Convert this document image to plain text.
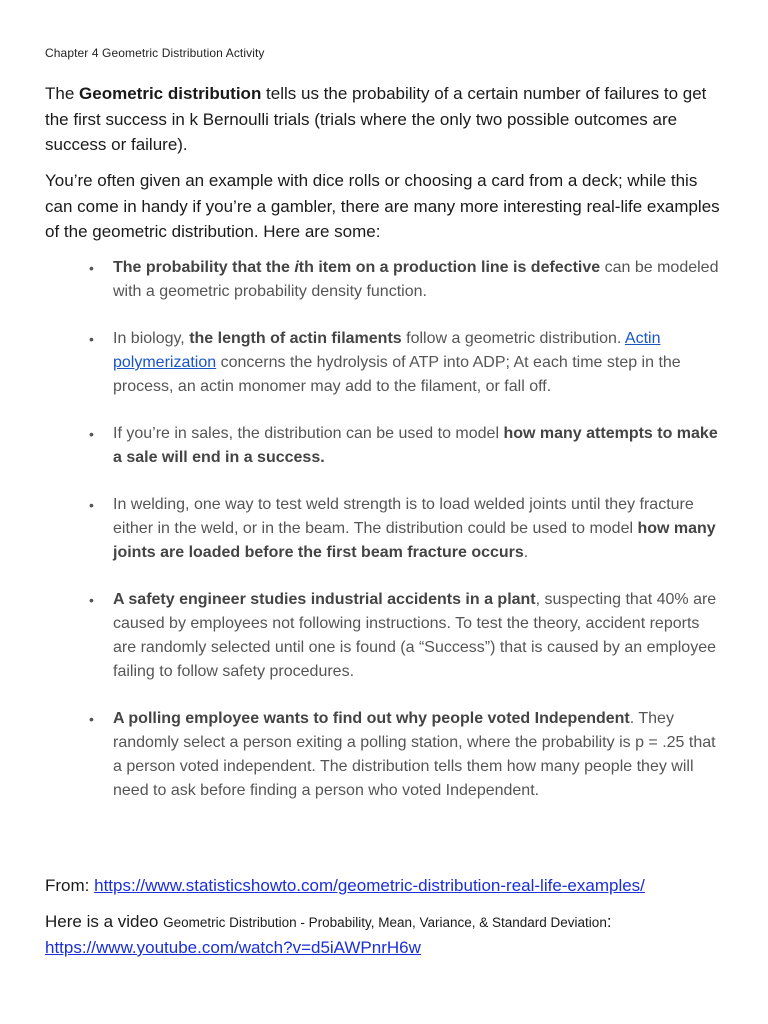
Chapter 4 Geometric Distribution Activity

The Geometric distribution tells us the probability of a certain number of failures to get the first success in k Bernoulli trials (trials where the only two possible outcomes are success or failure).

You’re often given an example with dice rolls or choosing a card from a deck; while this can come in handy if you’re a gambler, there are many more interesting real-life examples of the geometric distribution. Here are some:

• The probability that the ith item on a production line is defective can be modeled with a geometric probability density function.
• In biology, the length of actin filaments follow a geometric distribution. Actin polymerization concerns the hydrolysis of ATP into ADP; At each time step in the process, an actin monomer may add to the filament, or fall off.
• If you’re in sales, the distribution can be used to model how many attempts to make a sale will end in a success.
• In welding, one way to test weld strength is to load welded joints until they fracture either in the weld, or in the beam. The distribution could be used to model how many joints are loaded before the first beam fracture occurs.
• A safety engineer studies industrial accidents in a plant, suspecting that 40% are caused by employees not following instructions. To test the theory, accident reports are randomly selected until one is found (a “Success”) that is caused by an employee failing to follow safety procedures.
• A polling employee wants to find out why people voted Independent. They randomly select a person exiting a polling station, where the probability is p = .25 that a person voted independent. The distribution tells them how many people they will need to ask before finding a person who voted Independent.
From: https://www.statisticshowto.com/geometric-distribution-real-life-examples/
Here is a video Geometric Distribution - Probability, Mean, Variance, & Standard Deviation:
https://www.youtube.com/watch?v=d5iAWPnrH6w
